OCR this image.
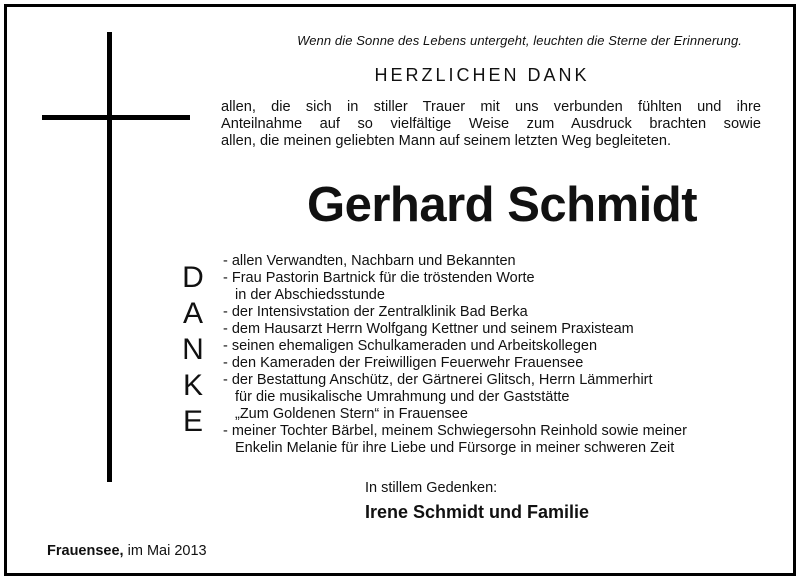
Wenn die Sonne des Lebens untergeht, leuchten die Sterne der Erinnerung.
HERZLICHEN DANK

allen, die sich in stiller Trauer mit uns verbunden fühlten und ihre

Anteilnahme auf so vielfältige Weise zum Ausdruck brachten sowie

allen, die meinen geliebten Mann auf seinem letzten Weg begleiteten.

Gerhard Schmidt
D
A
N
K
E
- allen Verwandten, Nachbarn und Bekannten
- Frau Pastorin Bartnick für die tröstenden Worte
in der Abschiedsstunde
- der Intensivstation der Zentralklinik Bad Berka
- dem Hausarzt Herrn Wolfgang Kettner und seinem Praxisteam
- seinen ehemaligen Schulkameraden und Arbeitskollegen
- den Kameraden der Freiwilligen Feuerwehr Frauensee
- der Bestattung Anschütz, der Gärtnerei Glitsch, Herrn Lämmerhirt
für die musikalische Umrahmung und der Gaststätte
„Zum Goldenen Stern“ in Frauensee
- meiner Tochter Bärbel, meinem Schwiegersohn Reinhold sowie meiner
Enkelin Melanie für ihre Liebe und Fürsorge in meiner schweren Zeit
In stillem Gedenken:
Irene Schmidt und Familie
Frauensee, im Mai 2013
